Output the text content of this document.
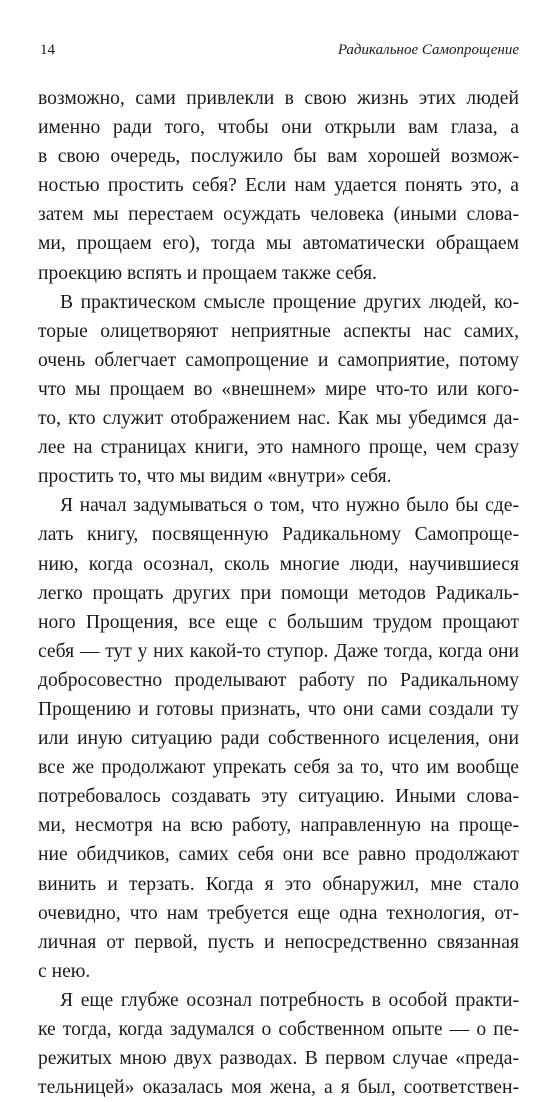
14	Радикальное Самопрощение
возможно, сами привлекли в свою жизнь этих людей
именно ради того, чтобы они открыли вам глаза, а
в свою очередь, послужило бы вам хорошей возмож-
ностью простить себя? Если нам удается понять это, а
затем мы перестаем осуждать человека (иными слова-
ми, прощаем его), тогда мы автоматически обращаем
проекцию вспять и прощаем также себя.
В практическом смысле прощение других людей, ко-
торые олицетворяют неприятные аспекты нас самих,
очень облегчает самопрощение и самоприятие, потому
что мы прощаем во «внешнем» мире что-то или кого-
то, кто служит отображением нас. Как мы убедимся да-
лее на страницах книги, это намного проще, чем сразу
простить то, что мы видим «внутри» себя.
Я начал задумываться о том, что нужно было бы сде-
лать книгу, посвященную Радикальному Самопроще-
нию, когда осознал, сколь многие люди, научившиеся
легко прощать других при помощи методов Радикаль-
ного Прощения, все еще с большим трудом прощают
себя — тут у них какой-то ступор. Даже тогда, когда они
добросовестно проделывают работу по Радикальному
Прощению и готовы признать, что они сами создали ту
или иную ситуацию ради собственного исцеления, они
все же продолжают упрекать себя за то, что им вообще
потребовалось создавать эту ситуацию. Иными слова-
ми, несмотря на всю работу, направленную на проще-
ние обидчиков, самих себя они все равно продолжают
винить и терзать. Когда я это обнаружил, мне стало
очевидно, что нам требуется еще одна технология, от-
личная от первой, пусть и непосредственно связанная
с нею.
Я еще глубже осознал потребность в особой практи-
ке тогда, когда задумался о собственном опыте — о пе-
режитых мною двух разводах. В первом случае «преда-
тельницей» оказалась моя жена, а я был, соответствен-
